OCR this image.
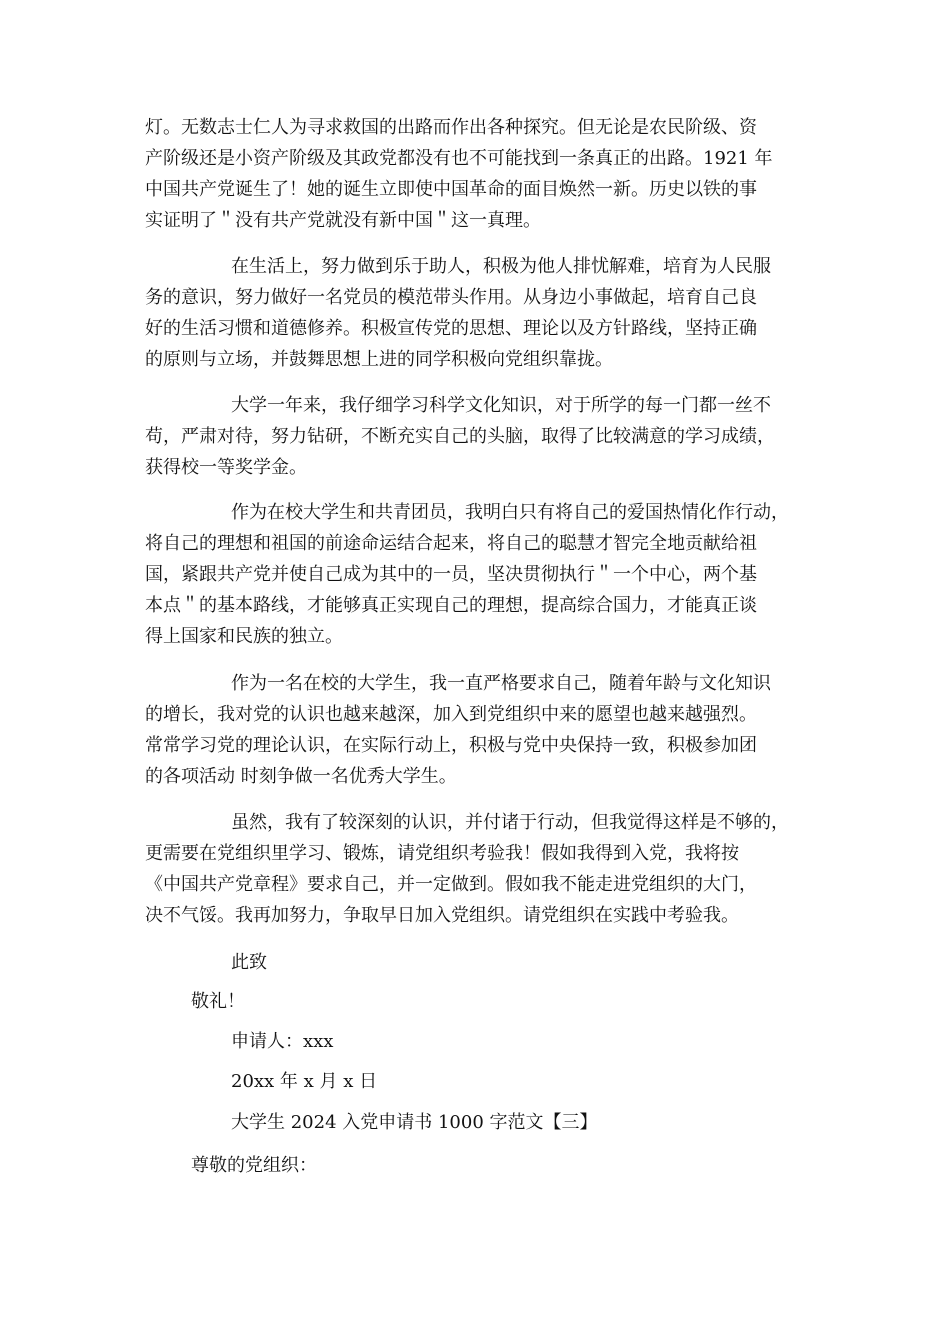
灯。无数志士仁人为寻求救国的出路而作出各种探究。但无论是农民阶级、资
产阶级还是小资产阶级及其政党都没有也不可能找到一条真正的出路。1921 年
中国共产党诞生了！她的诞生立即使中国革命的面目焕然一新。历史以铁的事
实证明了＂没有共产党就没有新中国＂这一真理。
在生活上，努力做到乐于助人，积极为他人排忧解难，培育为人民服
务的意识，努力做好一名党员的模范带头作用。从身边小事做起，培育自己良
好的生活习惯和道德修养。积极宣传党的思想、理论以及方针路线，坚持正确
的原则与立场，并鼓舞思想上进的同学积极向党组织靠拢。
大学一年来，我仔细学习科学文化知识，对于所学的每一门都一丝不
苟，严肃对待，努力钻研，不断充实自己的头脑，取得了比较满意的学习成绩，
获得校一等奖学金。
作为在校大学生和共青团员，我明白只有将自己的爱国热情化作行动，
将自己的理想和祖国的前途命运结合起来，将自己的聪慧才智完全地贡献给祖
国，紧跟共产党并使自己成为其中的一员，坚决贯彻执行＂一个中心，两个基
本点＂的基本路线，才能够真正实现自己的理想，提高综合国力，才能真正谈
得上国家和民族的独立。
作为一名在校的大学生，我一直严格要求自己，随着年龄与文化知识
的增长，我对党的认识也越来越深，加入到党组织中来的愿望也越来越强烈。
常常学习党的理论认识，在实际行动上，积极与党中央保持一致，积极参加团
的各项活动 时刻争做一名优秀大学生。
虽然，我有了较深刻的认识，并付诸于行动，但我觉得这样是不够的，
更需要在党组织里学习、锻炼，请党组织考验我！假如我得到入党，我将按
《中国共产党章程》要求自己，并一定做到。假如我不能走进党组织的大门，
决不气馁。我再加努力，争取早日加入党组织。请党组织在实践中考验我。

此致

敬礼！

申请人：xxx

20xx 年 x 月 x 日

大学生 2024 入党申请书 1000 字范文【三】

尊敬的党组织：
